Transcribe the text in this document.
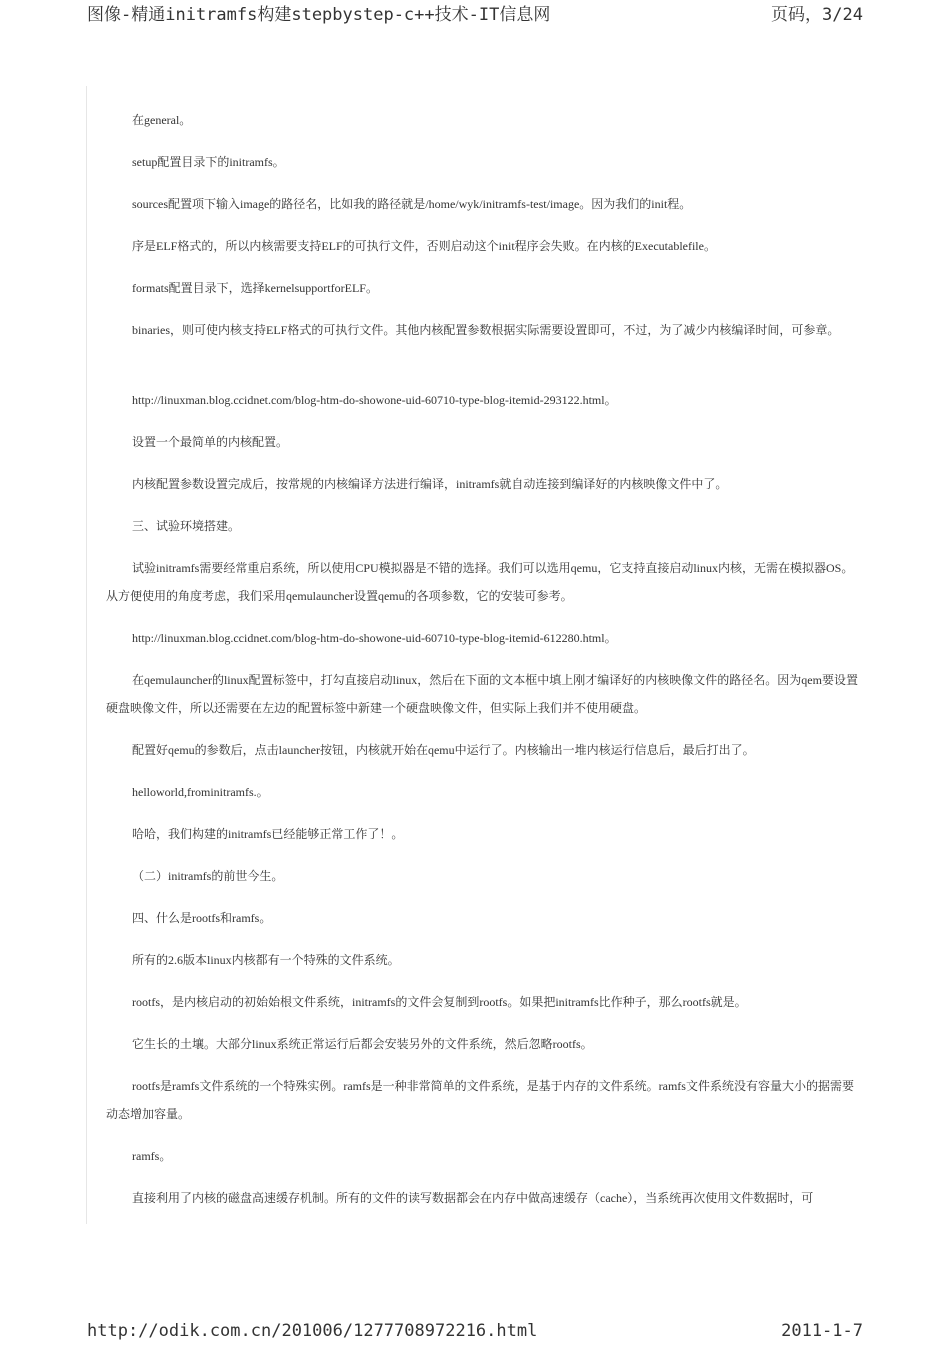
图像-精通initramfs构建stepbystep-c++技术-IT信息网	页码，3/24

在general。

setup配置目录下的initramfs。

sources配置项下输入image的路径名，比如我的路径就是/home/wyk/initramfs-test/image。因为我们的init程。

序是ELF格式的，所以内核需要支持ELF的可执行文件，否则启动这个init程序会失败。在内核的Executablefile。

formats配置目录下，选择kernelsupportforELF。

binaries，则可使内核支持ELF格式的可执行文件。其他内核配置参数根据实际需要设置即可，不过，为了减少内核编译时间，可参章。

http://linuxman.blog.ccidnet.com/blog-htm-do-showone-uid-60710-type-blog-itemid-293122.html。

设置一个最简单的内核配置。

内核配置参数设置完成后，按常规的内核编译方法进行编译，initramfs就自动连接到编译好的内核映像文件中了。

三、试验环境搭建。

试验initramfs需要经常重启系统，所以使用CPU模拟器是不错的选择。我们可以选用qemu，它支持直接启动linux内核，无需在模拟器OS。从方便使用的角度考虑，我们采用qemulauncher设置qemu的各项参数，它的安装可参考。

http://linuxman.blog.ccidnet.com/blog-htm-do-showone-uid-60710-type-blog-itemid-612280.html。

在qemulauncher的linux配置标签中，打勾直接启动linux，然后在下面的文本框中填上刚才编译好的内核映像文件的路径名。因为qem要设置硬盘映像文件，所以还需要在左边的配置标签中新建一个硬盘映像文件，但实际上我们并不使用硬盘。

配置好qemu的参数后，点击launcher按钮，内核就开始在qemu中运行了。内核输出一堆内核运行信息后，最后打出了。

helloworld,frominitramfs.。

哈哈，我们构建的initramfs已经能够正常工作了！。

（二）initramfs的前世今生。

四、什么是rootfs和ramfs。

所有的2.6版本linux内核都有一个特殊的文件系统。

rootfs，是内核启动的初始始根文件系统，initramfs的文件会复制到rootfs。如果把initramfs比作种子，那么rootfs就是。

它生长的土壤。大部分linux系统正常运行后都会安装另外的文件系统，然后忽略rootfs。

rootfs是ramfs文件系统的一个特殊实例。ramfs是一种非常简单的文件系统，是基于内存的文件系统。ramfs文件系统没有容量大小的据需要动态增加容量。

ramfs。

直接利用了内核的磁盘高速缓存机制。所有的文件的读写数据都会在内存中做高速缓存（cache），当系统再次使用文件数据时，可

http://odik.com.cn/201006/1277708972216.html	2011-1-7
